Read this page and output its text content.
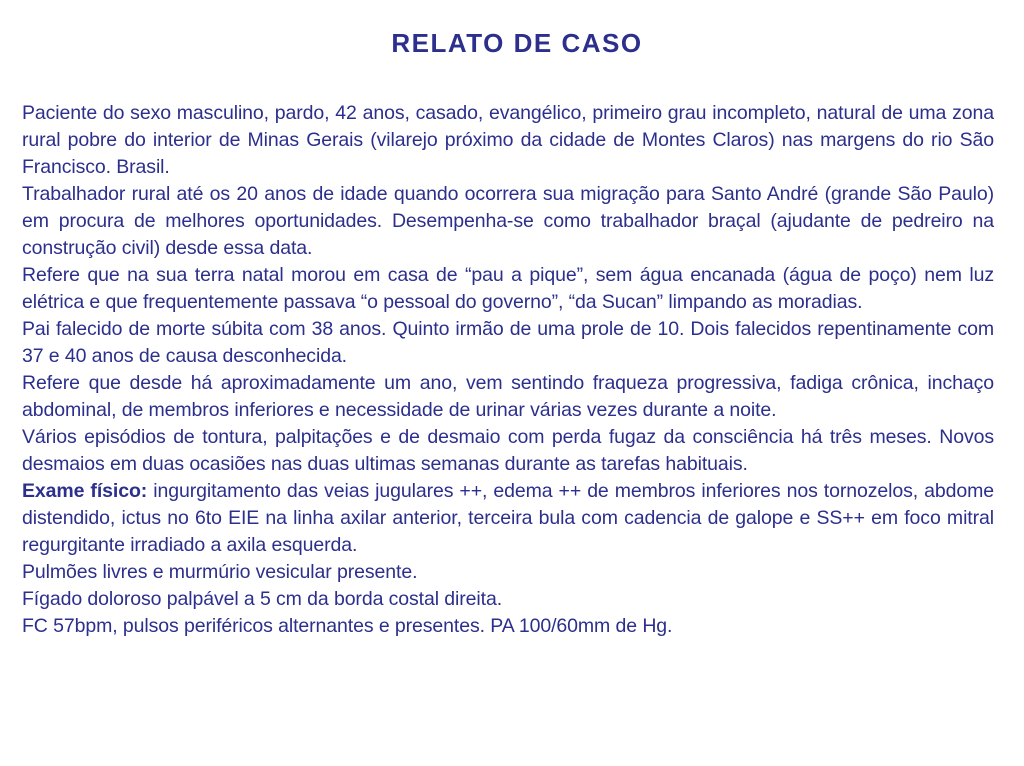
RELATO DE CASO

Paciente do sexo masculino, pardo, 42 anos, casado, evangélico, primeiro grau incompleto, natural de uma zona rural pobre do interior de Minas Gerais (vilarejo próximo da cidade de Montes Claros) nas margens do rio São Francisco. Brasil.

Trabalhador rural até os 20 anos de idade quando ocorrera sua migração para Santo André (grande São Paulo) em procura de melhores oportunidades. Desempenha-se como trabalhador braçal (ajudante de pedreiro na construção civil) desde essa data.

Refere que na sua terra natal morou em casa de “pau a pique”, sem água encanada (água de poço) nem luz elétrica e que frequentemente passava “o pessoal do governo”, “da Sucan” limpando as moradias.

Pai falecido de morte súbita com 38 anos. Quinto irmão de uma prole de 10. Dois falecidos repentinamente com 37 e 40 anos de causa desconhecida.

Refere que desde há aproximadamente um ano, vem sentindo fraqueza progressiva, fadiga crônica, inchaço abdominal, de membros inferiores e necessidade de urinar várias vezes durante a noite.

Vários episódios de tontura, palpitações e de desmaio com perda fugaz da consciência há três meses. Novos desmaios em duas ocasiões nas duas ultimas semanas durante as tarefas habituais.

Exame físico: ingurgitamento das veias jugulares ++, edema ++ de membros inferiores nos tornozelos, abdome distendido, ictus no 6to EIE na linha axilar anterior, terceira bula com cadencia de galope e SS++ em foco mitral regurgitante irradiado a axila esquerda.

Pulmões livres e murmúrio vesicular presente.

Fígado doloroso palpável a 5 cm da borda costal direita.

FC 57bpm, pulsos periféricos alternantes e presentes. PA 100/60mm de Hg.
